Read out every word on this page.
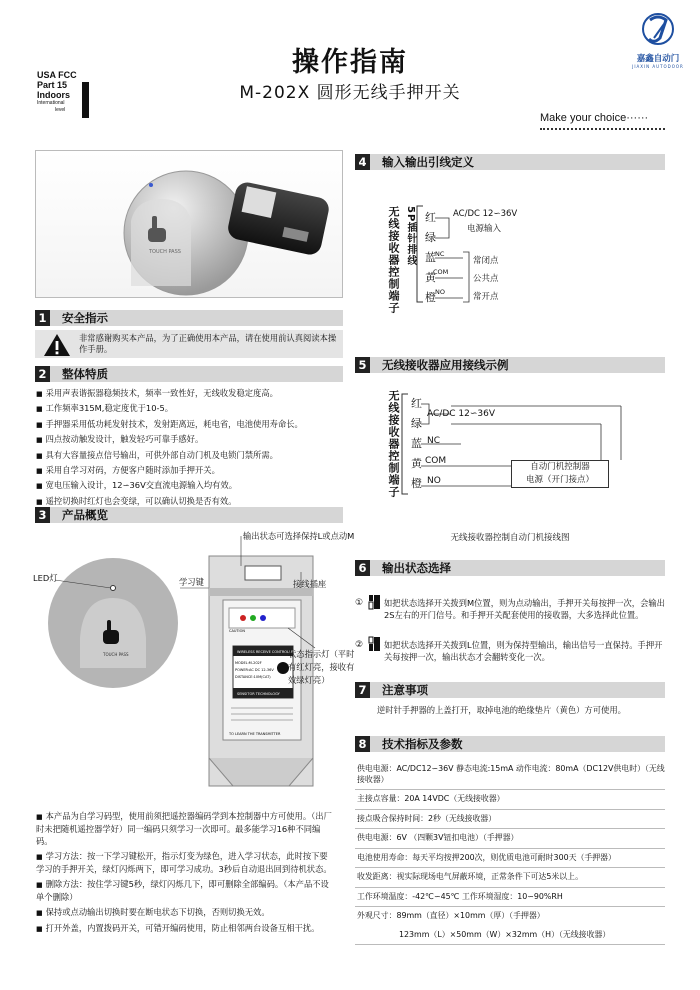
操作指南
M-202X 圆形无线手押开关
USA FCC
Part 15
Indoors
International
level
嘉鑫自动门
JIAXIN AUTODOOR
Make your choice······
TOUCH PASS
1 安全指示
非常感谢购买本产品，为了正确使用本产品，请在使用前认真阅读本操作手册。
2 整体特质
■ 采用声表谐振器稳频技术，频率一致性好，无线收发稳定度高。
■ 工作频率315M,稳定度优于10-5。
■ 手押器采用低功耗发射技术，发射距离远，耗电省，电池使用寿命长。
■ 四点按动触发设计，触发轻巧可靠手感好。
■ 具有大容量接点信号输出，可供外部自动门机及电锁门禁所需。
■ 采用自学习对码，方便客户随时添加手押开关。
■ 宽电压输入设计，12∽36V交直流电源输入均有效。
■ 遥控切换时红灯也会变绿，可以确认切换是否有效。
3 产品概览
TOUCH PASS	WIRELESS RECEIVE CONTROLLER
MODEL:M-202F
POWER:AC DC 12-36V
DISTANCE:10M(CAT)
SENSITOR TECHNOLOGY
CAUTION
TO LEARN THE TRANSMITTER
输出状态可选择保持L或点动M
学习键	接线插座
LED灯
状态指示灯（平时有红灯亮，接收有效绿灯亮）
■ 本产品为自学习码型，使用前须把遥控器编码学到本控制器中方可使用。（出厂时未把随机遥控器学好）同一编码只须学习一次即可。最多能学习16种不同编码。
■ 学习方法：按一下学习键松开，指示灯变为绿色，进入学习状态，此时按下要学习的手押开关，绿灯闪烁两下，即可学习成功。3秒后自动退出回到待机状态。
■ 删除方法：按住学习键5秒，绿灯闪烁几下，即可删除全部编码。（本产品不设单个删除）
■ 保持或点动输出切换时要在断电状态下切换，否则切换无效。
■ 打开外盖，内置拨码开关，可错开编码使用，防止相邻两台设备互相干扰。
4 输入输出引线定义
无线接收器控制端子 5P插针排线 红
绿
蓝
黄
橙
AC/DC 12∽36V
电源输入
NC
COM
NO
常闭点
公共点
常开点
5 无线接收器应用接线示例
无线接收器控制端子 红
绿
蓝
黄
橙
AC/DC 12∽36V
NC
COM
NO
自动门机控制器
电源（开门接点）
无线接收器控制自动门机接线图
6 输出状态选择
①	如把状态选择开关拨到M位置，则为点动输出，手押开关每按押一次，会输出2S左右的开门信号。和手押开关配套使用的接收器，大多选择此位置。
②	如把状态选择开关拨到L位置，则为保持型输出，输出信号一直保持。手押开关每按押一次，输出状态才会翻转变化一次。
7 注意事项
逆时针手押器的上盖打开，取掉电池的绝缘垫片（黄色）方可使用。
8 技术指标及参数
供电电源：AC/DC12∽36V 静态电流:15mA 动作电流：80mA（DC12V供电时）（无线接收器）
主接点容量：20A 14VDC（无线接收器）
接点吸合保持时间：2秒（无线接收器）
供电电源：6V （四颗3V钮扣电池）（手押器）
电池使用寿命：每天平均按押200次，则优质电池可耐时300天（手押器）
收发距离：视实际现场电气屏蔽环境，正常条件下可达5米以上。
工作环境温度：-42℃∽45℃ 工作环境湿度：10∽90%RH
外观尺寸：89mm（直径）×10mm（厚）（手押器）
123mm（L）×50mm（W）×32mm（H）（无线接收器）
